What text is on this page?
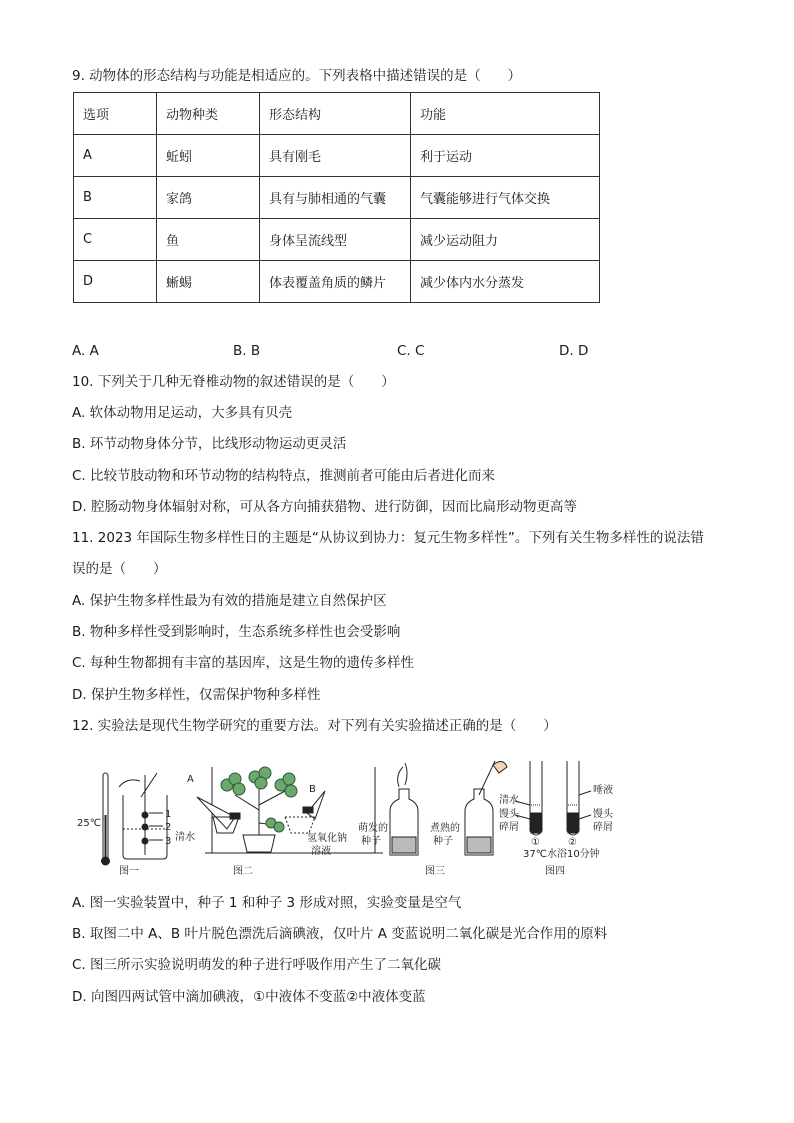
9. 动物体的形态结构与功能是相适应的。下列表格中描述错误的是（　　）
选项	动物种类	形态结构	功能
A	蚯蚓	具有刚毛	利于运动
B	家鸽	具有与肺相通的气囊	气囊能够进行气体交换
C	鱼	身体呈流线型	减少运动阻力
D	蜥蜴	体表覆盖角质的鳞片	减少体内水分蒸发
A. A	B. B	C. C	D. D
10. 下列关于几种无脊椎动物的叙述错误的是（　　）
A. 软体动物用足运动，大多具有贝壳
B. 环节动物身体分节，比线形动物运动更灵活
C. 比较节肢动物和环节动物的结构特点，推测前者可能由后者进化而来
D. 腔肠动物身体辐射对称，可从各方向捕获猎物、进行防御，因而比扁形动物更高等
11. 2023 年国际生物多样性日的主题是“从协议到协力：复元生物多样性”。下列有关生物多样性的说法错
误的是（　　）
A. 保护生物多样性最为有效的措施是建立自然保护区
B. 物种多样性受到影响时，生态系统多样性也会受影响
C. 每种生物都拥有丰富的基因库，这是生物的遗传多样性
D. 保护生物多样性，仅需保护物种多样性
12. 实验法是现代生物学研究的重要方法。对下列有关实验描述正确的是（　　）
25℃
1
2
3
图一
A
B
清水	氢氧化钠
溶液
图二
萌发的
种子
煮熟的
种子
图三
清水
馒头
碎屑
唾液
馒头
碎屑
①	②
37℃水浴10分钟
图四
A. 图一实验装置中，种子 1 和种子 3 形成对照，实验变量是空气
B. 取图二中 A、B 叶片脱色漂洗后滴碘液，仅叶片 A 变蓝说明二氧化碳是光合作用的原料
C. 图三所示实验说明萌发的种子进行呼吸作用产生了二氧化碳
D. 向图四两试管中滴加碘液，①中液体不变蓝②中液体变蓝
